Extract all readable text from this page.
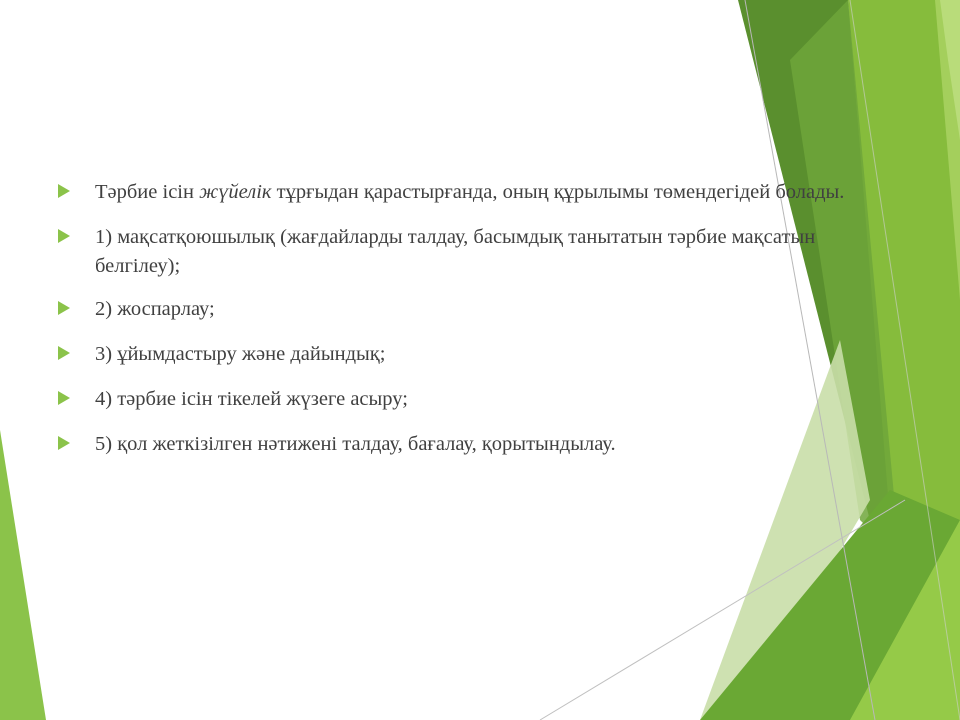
Тәрбие ісін жүйелік тұрғыдан қарастырғанда, оның құрылымы төмендегідей болады.
1) мақсатқоюшылық (жағдайларды талдау, басымдық танытатын тәрбие мақсатын белгілеу);
2) жоспарлау;
3) ұйымдастыру және дайындық;
4) тәрбие ісін тікелей жүзеге асыру;
5) қол жеткізілген нәтижені талдау, бағалау, қорытындылау.
